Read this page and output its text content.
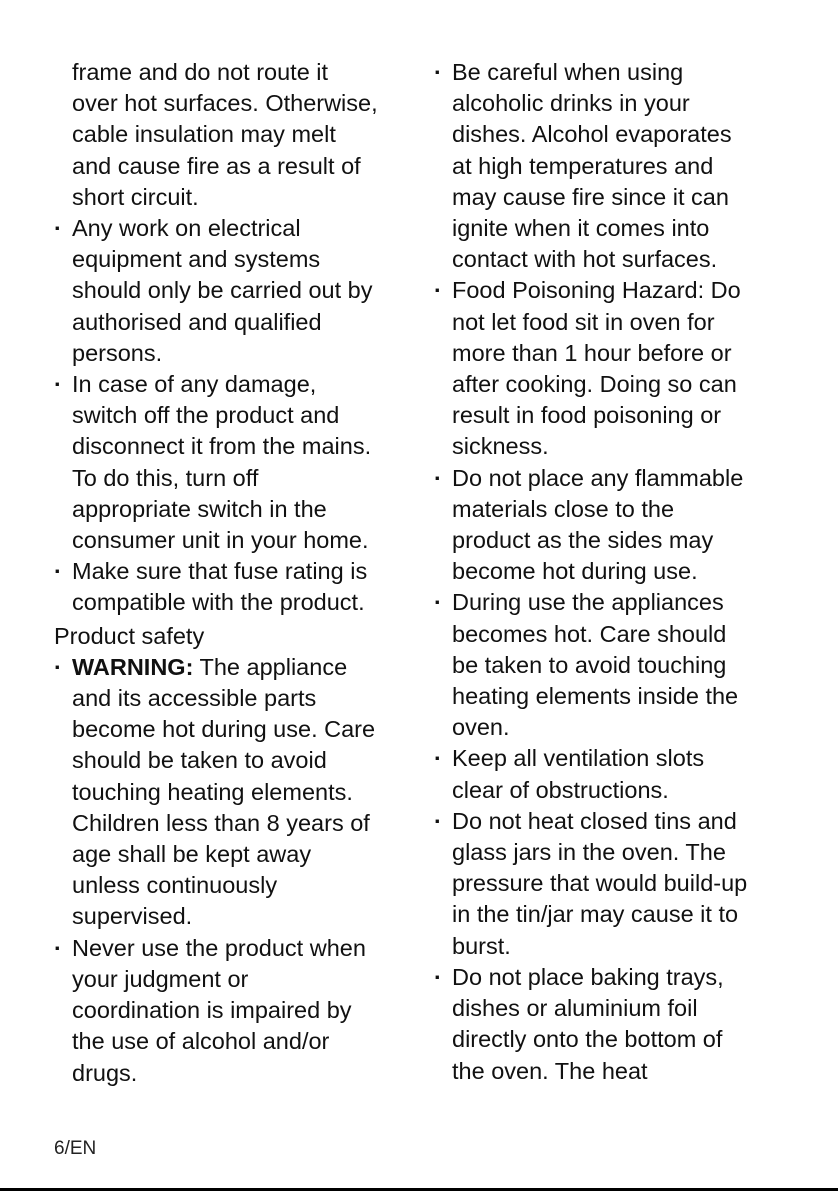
frame and do not route it
over hot surfaces. Otherwise,
cable insulation may melt
and cause fire as a result of
short circuit.

· Any work on electrical
equipment and systems
should only be carried out by
authorised and qualified
persons.

· In case of any damage,
switch off the product and
disconnect it from the mains.
To do this, turn off
appropriate switch in the
consumer unit in your home.

· Make sure that fuse rating is
compatible with the product.

Product safety

· WARNING: The appliance
and its accessible parts
become hot during use. Care
should be taken to avoid
touching heating elements.
Children less than 8 years of
age shall be kept away
unless continuously
supervised.

· Never use the product when
your judgment or
coordination is impaired by
the use of alcohol and/or
drugs.

· Be careful when using
alcoholic drinks in your
dishes. Alcohol evaporates
at high temperatures and
may cause fire since it can
ignite when it comes into
contact with hot surfaces.

· Food Poisoning Hazard: Do
not let food sit in oven for
more than 1 hour before or
after cooking. Doing so can
result in food poisoning or
sickness.

· Do not place any flammable
materials close to the
product as the sides may
become hot during use.

· During use the appliances
becomes hot. Care should
be taken to avoid touching
heating elements inside the
oven.

· Keep all ventilation slots
clear of obstructions.

· Do not heat closed tins and
glass jars in the oven. The
pressure that would build-up
in the tin/jar may cause it to
burst.

· Do not place baking trays,
dishes or aluminium foil
directly onto the bottom of
the oven. The heat

6/EN
